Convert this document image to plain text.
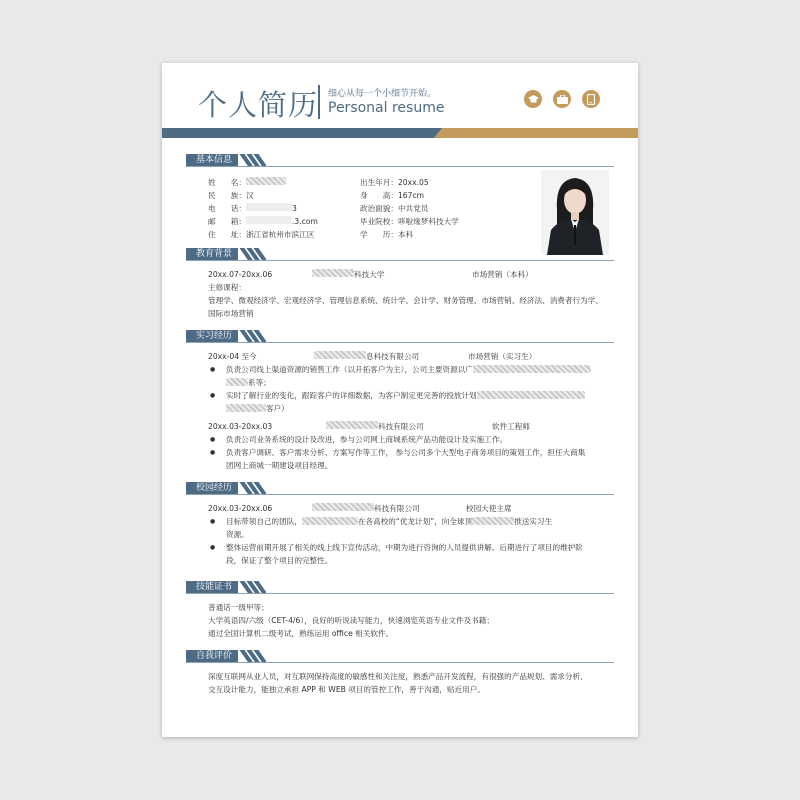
个人简历 细心从每一个小细节开始。
Personal resume
基本信息
姓　　名：
民　　族： 汉
电　　话：	3
邮　　箱：	.3.com
住　　址： 浙江省杭州市滨江区
出生年月： 20xx.05
身　　高： 167cm
政治面貌： 中共党员
毕业院校： 哆啦缘梦科技大学
学　　历： 本科
教育背景
20xx.07-20xx.06	科技大学	市场营销（本科）
主修课程：
管理学、微观经济学、宏观经济学、管理信息系统、统计学、会计学、财务管理、市场营销、经济法、消费者行为学、国际市场营销
实习经历
20xx-04 至今	息科技有限公司	市场营销（实习生）
● 负责公司线上渠道资源的销售工作（以开拓客户为主），公司主要资源以广
系等；
● 实时了解行业的变化，跟踪客户的详细数据，为客户制定更完善的投放计划
客户）
20xx.03-20xx.03	科技有限公司	软件工程师
● 负责公司业务系统的设计及改进，参与公司网上商城系统产品功能设计及实施工作。
● 负责客户调研、客户需求分析、方案写作等工作， 参与公司多个大型电子商务项目的策划工作，担任大商集
团网上商城一期建设项目经理。
校园经历
20xx.03-20xx.06	科技有限公司	校园大使主席
● 目标带领自己的团队，	在各高校的“优龙计划”，向全球顶	推送实习生
资源。
● 整体运营前期开展了相关的线上线下宣传活动，中期为进行咨询的人员提供讲解。后期进行了项目的维护阶
段，保证了整个项目的完整性。
技能证书
普通话一级甲等；
大学英语四/六级（CET-4/6），良好的听说读写能力，快速浏览英语专业文件及书籍；
通过全国计算机二级考试，熟练运用 office 相关软件。
自我评价
深度互联网从业人员，对互联网保持高度的敏感性和关注度，熟悉产品开发流程，有很强的产品规划、需求分析、
交互设计能力，能独立承担 APP 和 WEB 项目的管控工作，善于沟通，贴近用户。
